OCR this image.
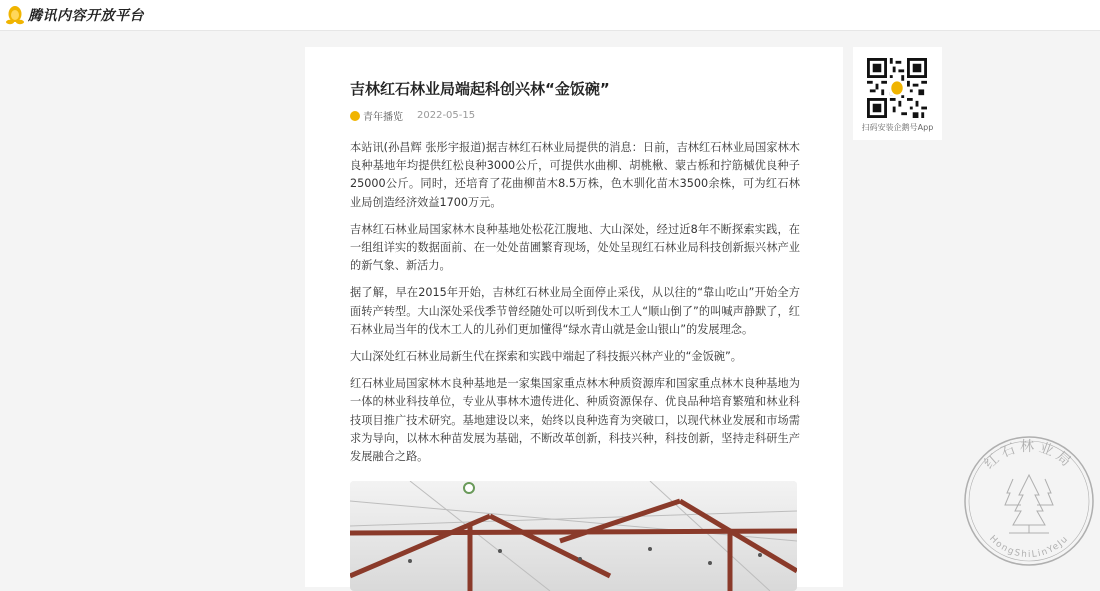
腾讯内容开放平台
吉林红石林业局端起科创兴林“金饭碗”
青年播览 2022-05-15

本站讯(孙昌辉 张彤宇报道)据吉林红石林业局提供的消息：日前，吉林红石林业局国家林木良种基地年均提供红松良种3000公斤，可提供水曲柳、胡桃楸、蒙古栎和拧筋槭优良种子25000公斤。同时，还培育了花曲柳苗木8.5万株，色木驯化苗木3500余株，可为红石林业局创造经济效益1700万元。

吉林红石林业局国家林木良种基地处松花江腹地、大山深处，经过近8年不断探索实践，在一组组详实的数据面前、在一处处苗圃繁育现场，处处呈现红石林业局科技创新振兴林产业的新气象、新活力。

据了解，早在2015年开始，吉林红石林业局全面停止采伐，从以往的“靠山吃山”开始全方面转产转型。大山深处采伐季节曾经随处可以听到伐木工人“顺山倒了”的叫喊声静默了，红石林业局当年的伐木工人的儿孙们更加懂得“绿水青山就是金山银山”的发展理念。

大山深处红石林业局新生代在探索和实践中端起了科技振兴林产业的“金饭碗”。

红石林业局国家林木良种基地是一家集国家重点林木种质资源库和国家重点林木良种基地为一体的林业科技单位，专业从事林木遗传进化、种质资源保存、优良品种培育繁殖和林业科技项目推广技术研究。基地建设以来，始终以良种选育为突破口，以现代林业发展和市场需求为导向，以林木种苗发展为基础，不断改革创新，科技兴种，科技创新，坚持走科研生产发展融合之路。

扫码安装企鹅号App
红石林业局
HongShiLinYeJu
